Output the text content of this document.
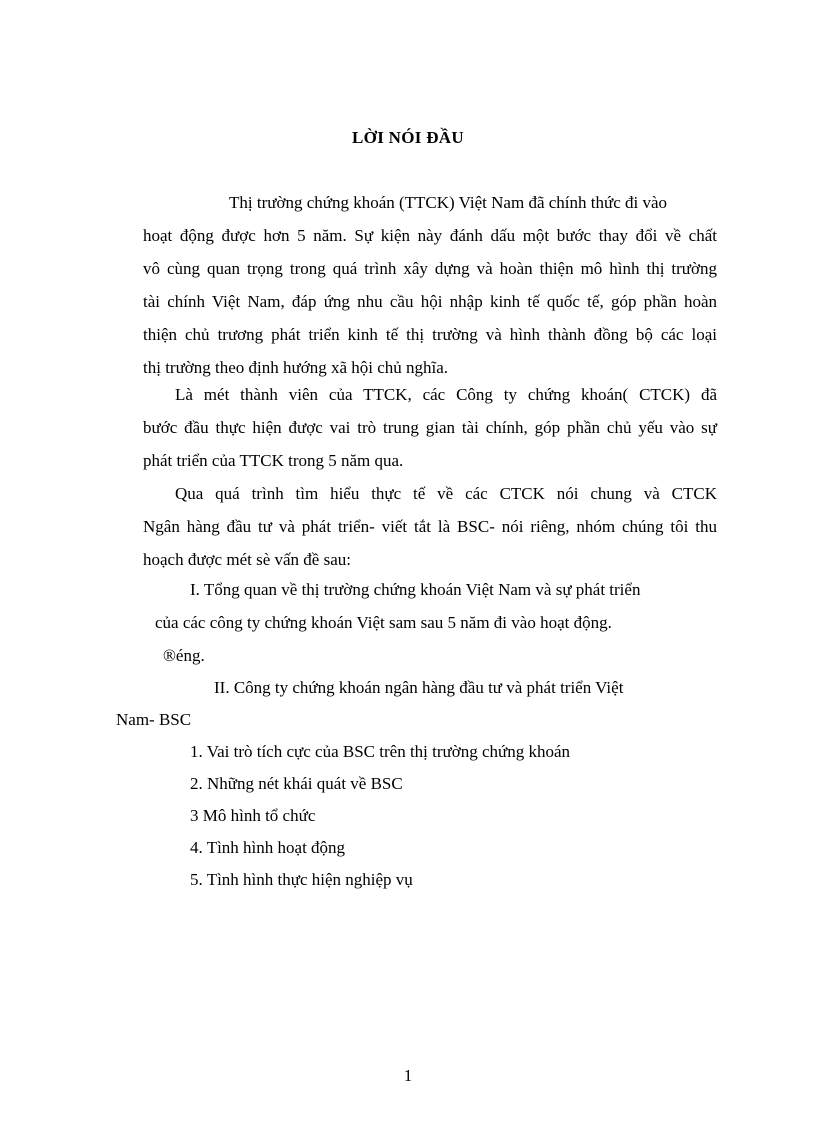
LỜI NÓI ĐẦU
Thị trường chứng khoán (TTCK) Việt Nam đã chính thức đi vào
hoạt động được hơn 5 năm. Sự kiện này đánh dấu một bước thay đổi về chất
vô cùng quan trọng trong quá trình xây dựng và hoàn thiện mô hình thị trường
tài chính Việt Nam, đáp ứng nhu cầu hội nhập kinh tế quốc tế, góp phần hoàn
thiện chủ trương phát triển kinh tế thị trường và hình thành đồng bộ các loại
thị trường theo định hướng xã hội chủ nghĩa.
Là mét thành viên của TTCK, các Công ty chứng khoán( CTCK) đã
bước đầu thực hiện được vai trò trung gian tài chính, góp phần chủ yếu vào sự
phát triển của TTCK trong 5 năm qua.
Qua quá trình tìm hiểu thực tế về các CTCK nói chung và CTCK
Ngân hàng đầu tư và phát triển- viết tắt là BSC- nói riêng, nhóm chúng tôi thu
hoạch được mét sè vấn đề sau:
I. Tổng quan về thị trường chứng khoán Việt Nam và sự phát triển
của các công ty chứng khoán Việt sam sau 5 năm đi vào hoạt động.
®éng.
II. Công ty chứng khoán ngân hàng đầu tư và phát triển Việt
Nam- BSC
1. Vai trò tích cực của BSC trên thị trường chứng khoán
2. Những nét khái quát về BSC
3 Mô hình tổ chức
4. Tình hình hoạt động
5. Tình hình thực hiện nghiệp vụ
1
